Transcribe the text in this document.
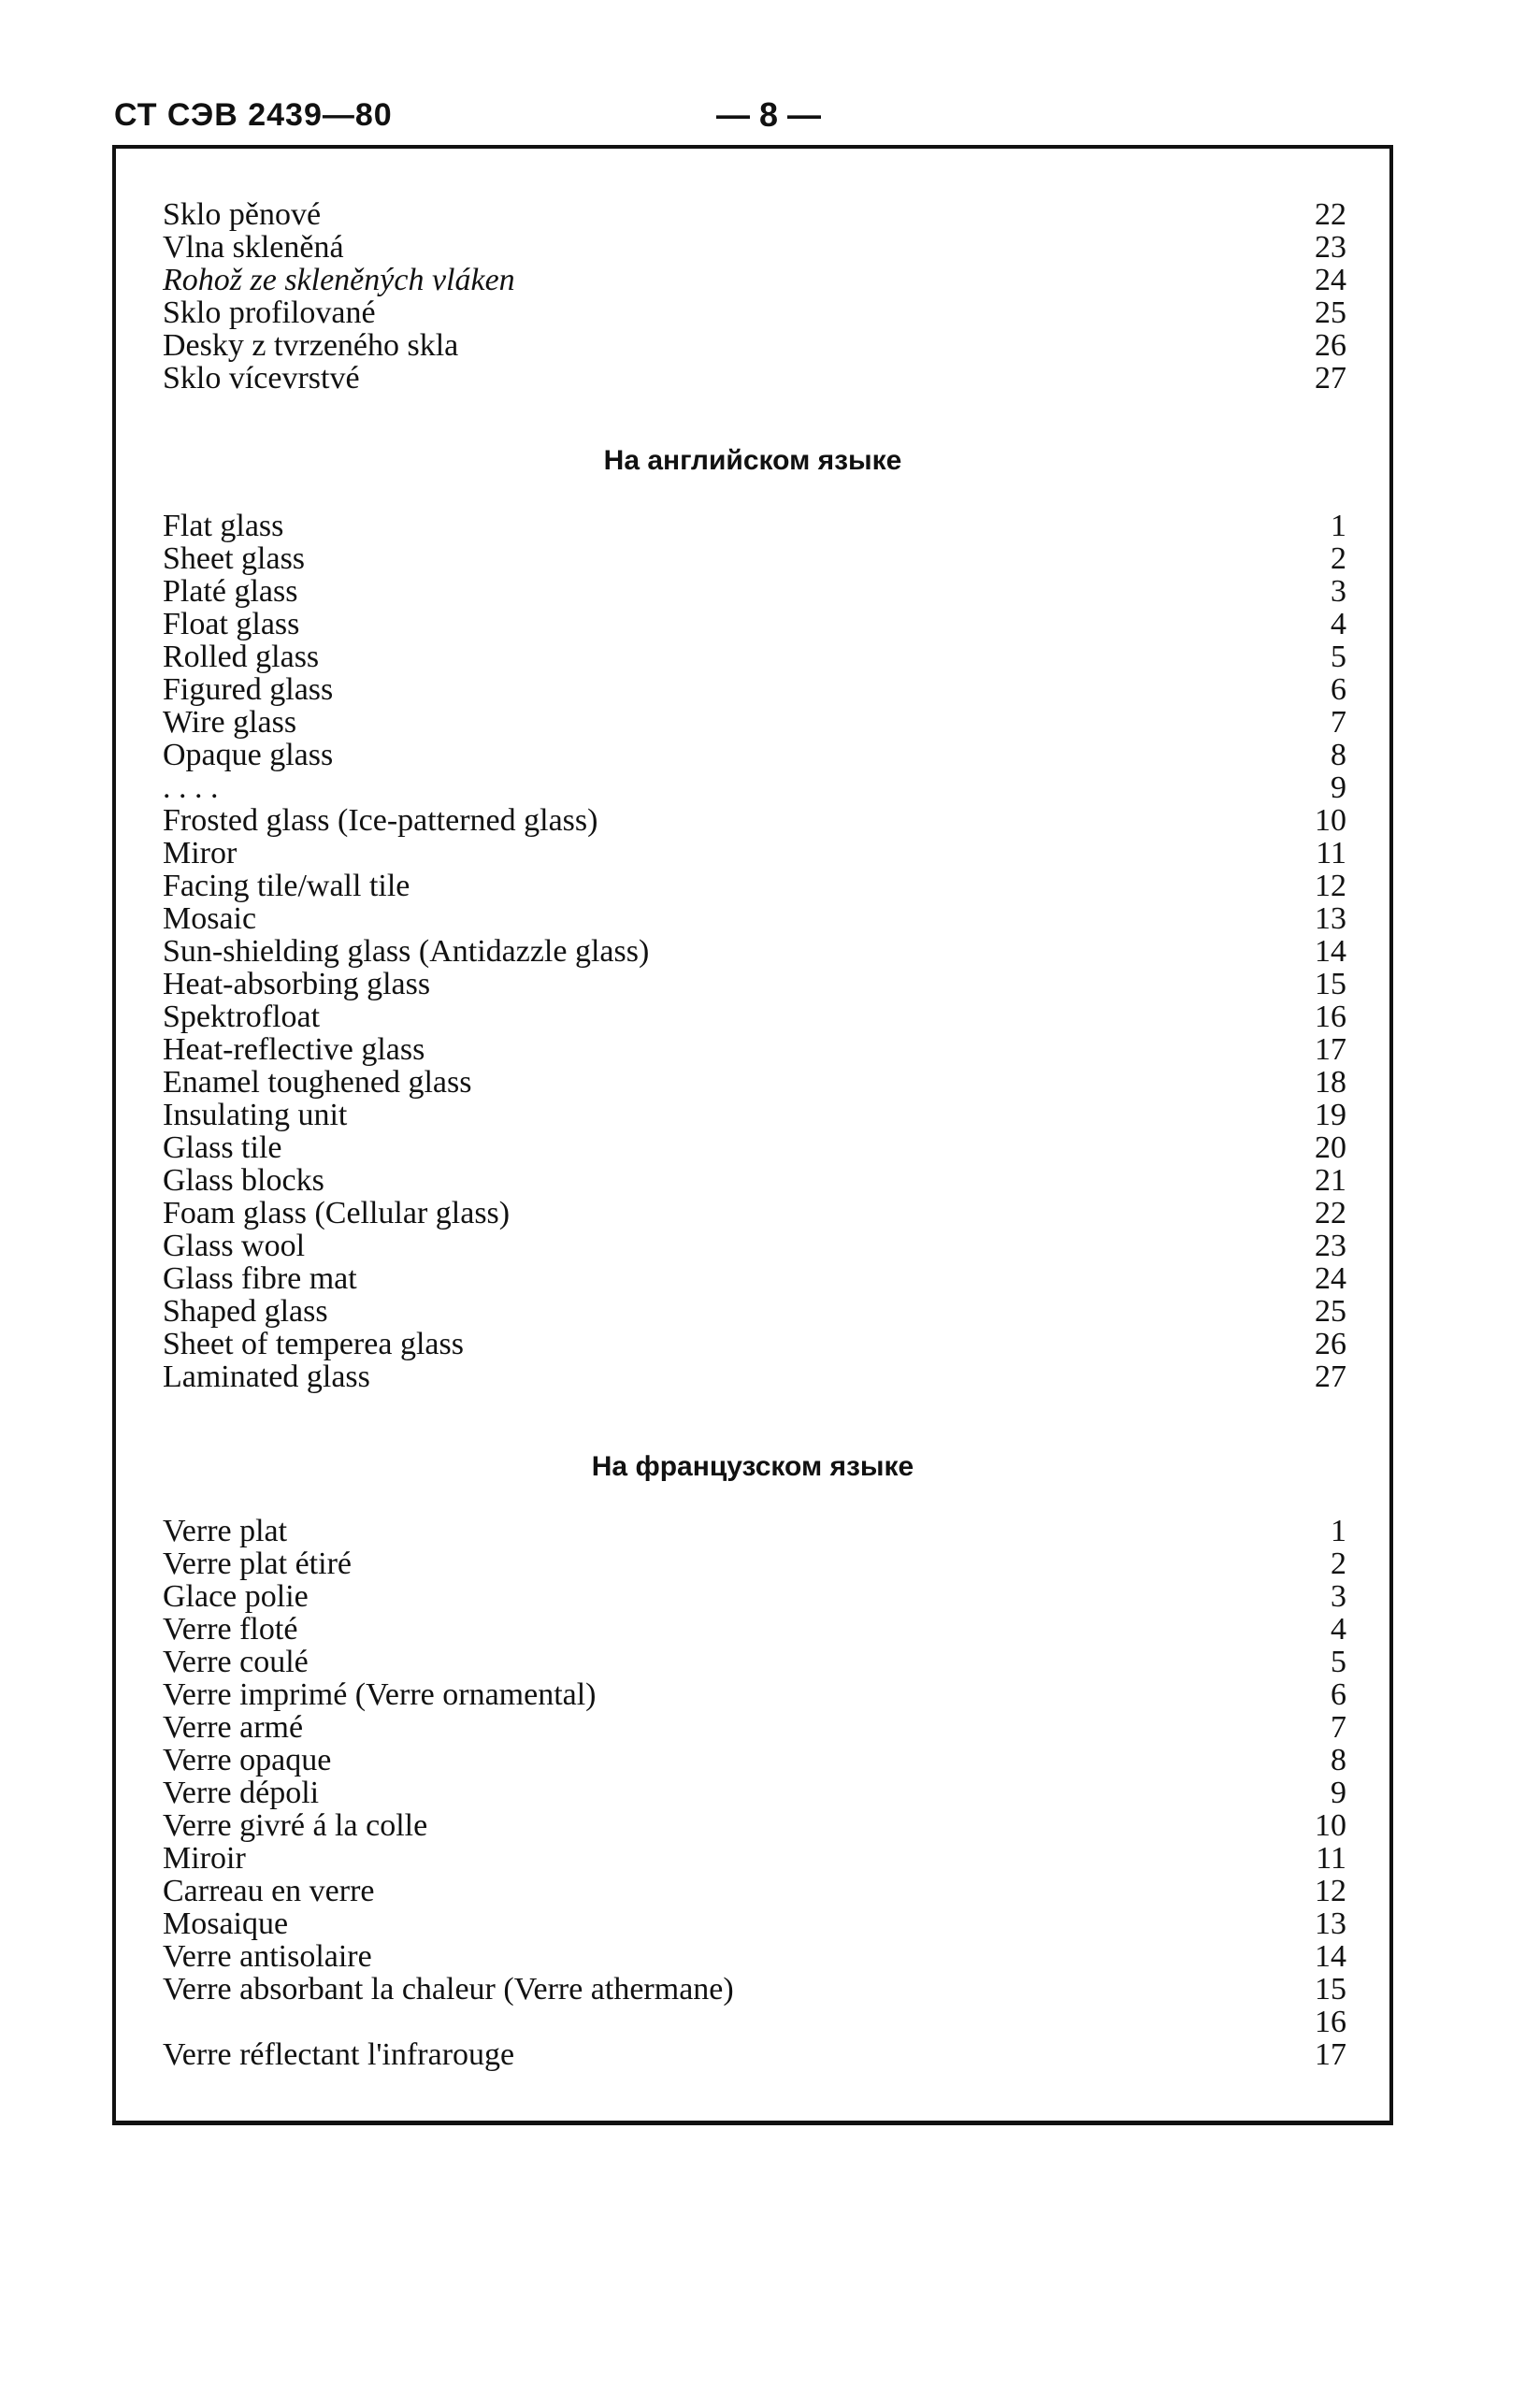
СТ СЭВ 2439—80	— 8 —
Sklo pěnové	22
Vlna skleněná	23
Rohož ze skleněných vláken	24
Sklo profilované	25
Desky z tvrzeného skla	26
Sklo vícevrstvé	27
На английском языке
Flat glass	1
Sheet glass	2
Platé glass	3
Float glass	4
Rolled glass	5
Figured glass	6
Wire glass	7
Opaque glass	8
. . . .	9
Frosted glass (Ice-patterned glass)	10
Miror	11
Facing tile/wall tile	12
Mosaic	13
Sun-shielding glass (Antidazzle glass)	14
Heat-absorbing glass	15
Spektrofloat	16
Heat-reflective glass	17
Enamel toughened glass	18
Insulating unit	19
Glass tile	20
Glass blocks	21
Foam glass (Cellular glass)	22
Glass wool	23
Glass fibre mat	24
Shaped glass	25
Sheet of temperea glass	26
Laminated glass	27
На французском языке
Verre plat	1
Verre plat étiré	2
Glace polie	3
Verre floté	4
Verre coulé	5
Verre imprimé (Verre ornamental)	6
Verre armé	7
Verre opaque	8
Verre dépoli	9
Verre givré á la colle	10
Miroir	11
Carreau en verre	12
Mosaique	13
Verre antisolaire	14
Verre absorbant la chaleur (Verre athermane)	15
16
Verre réflectant l'infrarouge	17
